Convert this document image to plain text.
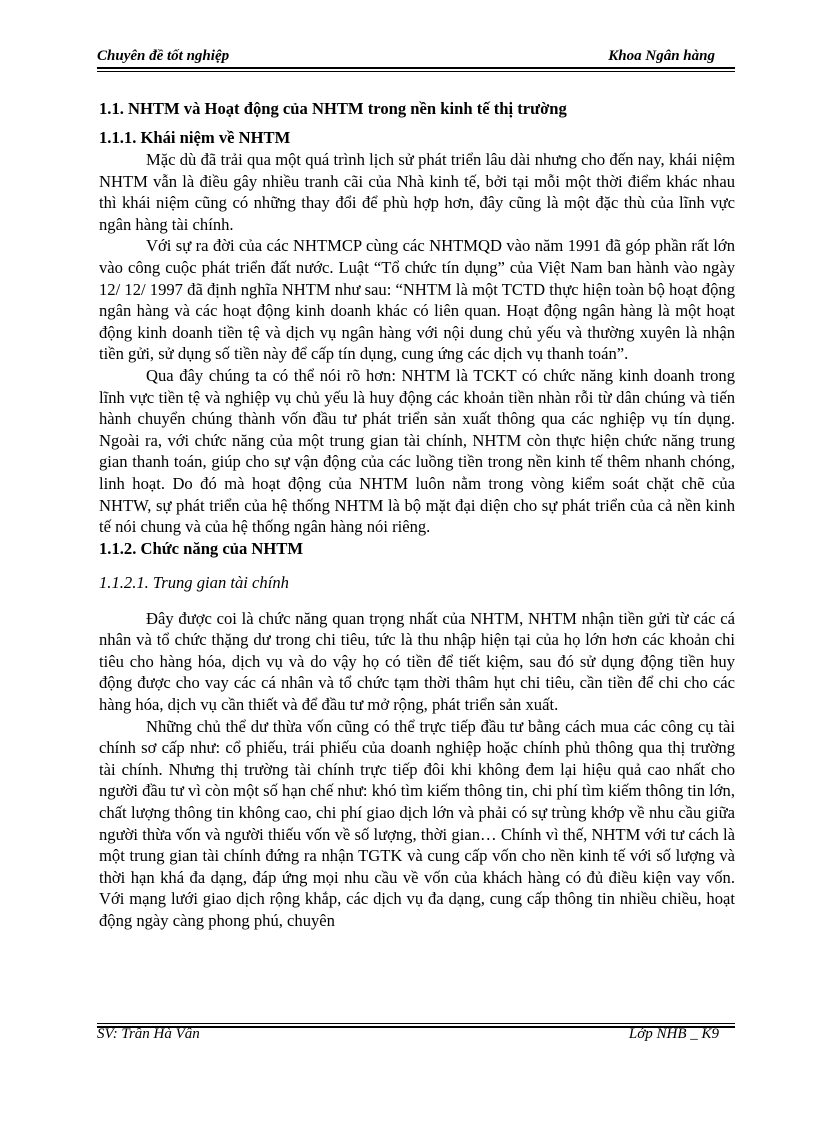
Chuyên đề tốt nghiệp	Khoa Ngân hàng
1.1. NHTM và Hoạt động của NHTM trong nền kinh tế thị trường
1.1.1. Khái niệm về NHTM

Mặc dù đã trải qua một quá trình lịch sử phát triển lâu dài nhưng cho đến nay, khái niệm NHTM vẫn là điều gây nhiều tranh cãi của Nhà kinh tế, bởi tại mỗi một thời điểm khác nhau thì khái niệm cũng có những thay đổi để phù hợp hơn, đây cũng là một đặc thù của lĩnh vực ngân hàng tài chính.

Với sự ra đời của các NHTMCP cùng các NHTMQD vào năm 1991 đã góp phần rất lớn vào công cuộc phát triển đất nước. Luật “Tổ chức tín dụng” của Việt Nam ban hành vào ngày 12/ 12/ 1997 đã định nghĩa NHTM như sau: “NHTM là một TCTD thực hiện toàn bộ hoạt động ngân hàng và các hoạt động kinh doanh khác có liên quan. Hoạt động ngân hàng là một hoạt động kinh doanh tiền tệ và dịch vụ ngân hàng với nội dung chủ yếu và thường xuyên là nhận tiền gửi, sử dụng số tiền này để cấp tín dụng, cung ứng các dịch vụ thanh toán”.

Qua đây chúng ta có thể nói rõ hơn: NHTM là TCKT có chức năng kinh doanh trong lĩnh vực tiền tệ và nghiệp vụ chủ yếu là huy động các khoản tiền nhàn rỗi từ dân chúng và tiến hành chuyển chúng thành vốn đầu tư phát triển sản xuất thông qua các nghiệp vụ tín dụng. Ngoài ra, với chức năng của một trung gian tài chính, NHTM còn thực hiện chức năng trung gian thanh toán, giúp cho sự vận động của các luồng tiền trong nền kinh tế thêm nhanh chóng, linh hoạt. Do đó mà hoạt động của NHTM luôn nằm trong vòng kiểm soát chặt chẽ của NHTW, sự phát triển của hệ thống NHTM là bộ mặt đại diện cho sự phát triển của cả nền kinh tế nói chung và của hệ thống ngân hàng nói riêng.

1.1.2. Chức năng của NHTM
1.1.2.1. Trung gian tài chính

Đây được coi là chức năng quan trọng nhất của NHTM, NHTM nhận tiền gửi từ các cá nhân và tổ chức thặng dư trong chi tiêu, tức là thu nhập hiện tại của họ lớn hơn các khoản chi tiêu cho hàng hóa, dịch vụ và do vậy họ có tiền để tiết kiệm, sau đó sử dụng động tiền huy động được cho vay các cá nhân và tổ chức tạm thời thâm hụt chi tiêu, cần tiền để chi cho các hàng hóa, dịch vụ cần thiết và để đầu tư mở rộng, phát triển sản xuất.

Những chủ thể dư thừa vốn cũng có thể trực tiếp đầu tư bằng cách mua các công cụ tài chính sơ cấp như: cổ phiếu, trái phiếu của doanh nghiệp hoặc chính phủ thông qua thị trường tài chính. Nhưng thị trường tài chính trực tiếp đôi khi không đem lại hiệu quả cao nhất cho người đầu tư vì còn một số hạn chế như: khó tìm kiếm thông tin, chi phí tìm kiếm thông tin lớn, chất lượng thông tin không cao, chi phí giao dịch lớn và phải có sự trùng khớp về nhu cầu giữa người thừa vốn và người thiếu vốn về số lượng, thời gian… Chính vì thế, NHTM với tư cách là một trung gian tài chính đứng ra nhận TGTK và cung cấp vốn cho nền kinh tế với số lượng và thời hạn khá đa dạng, đáp ứng mọi nhu cầu về vốn của khách hàng có đủ điều kiện vay vốn. Với mạng lưới giao dịch rộng khắp, các dịch vụ đa dạng, cung cấp thông tin nhiều chiều, hoạt động ngày càng phong phú, chuyên

SV: Trần Hà Vân	Lớp NHB _ K9
